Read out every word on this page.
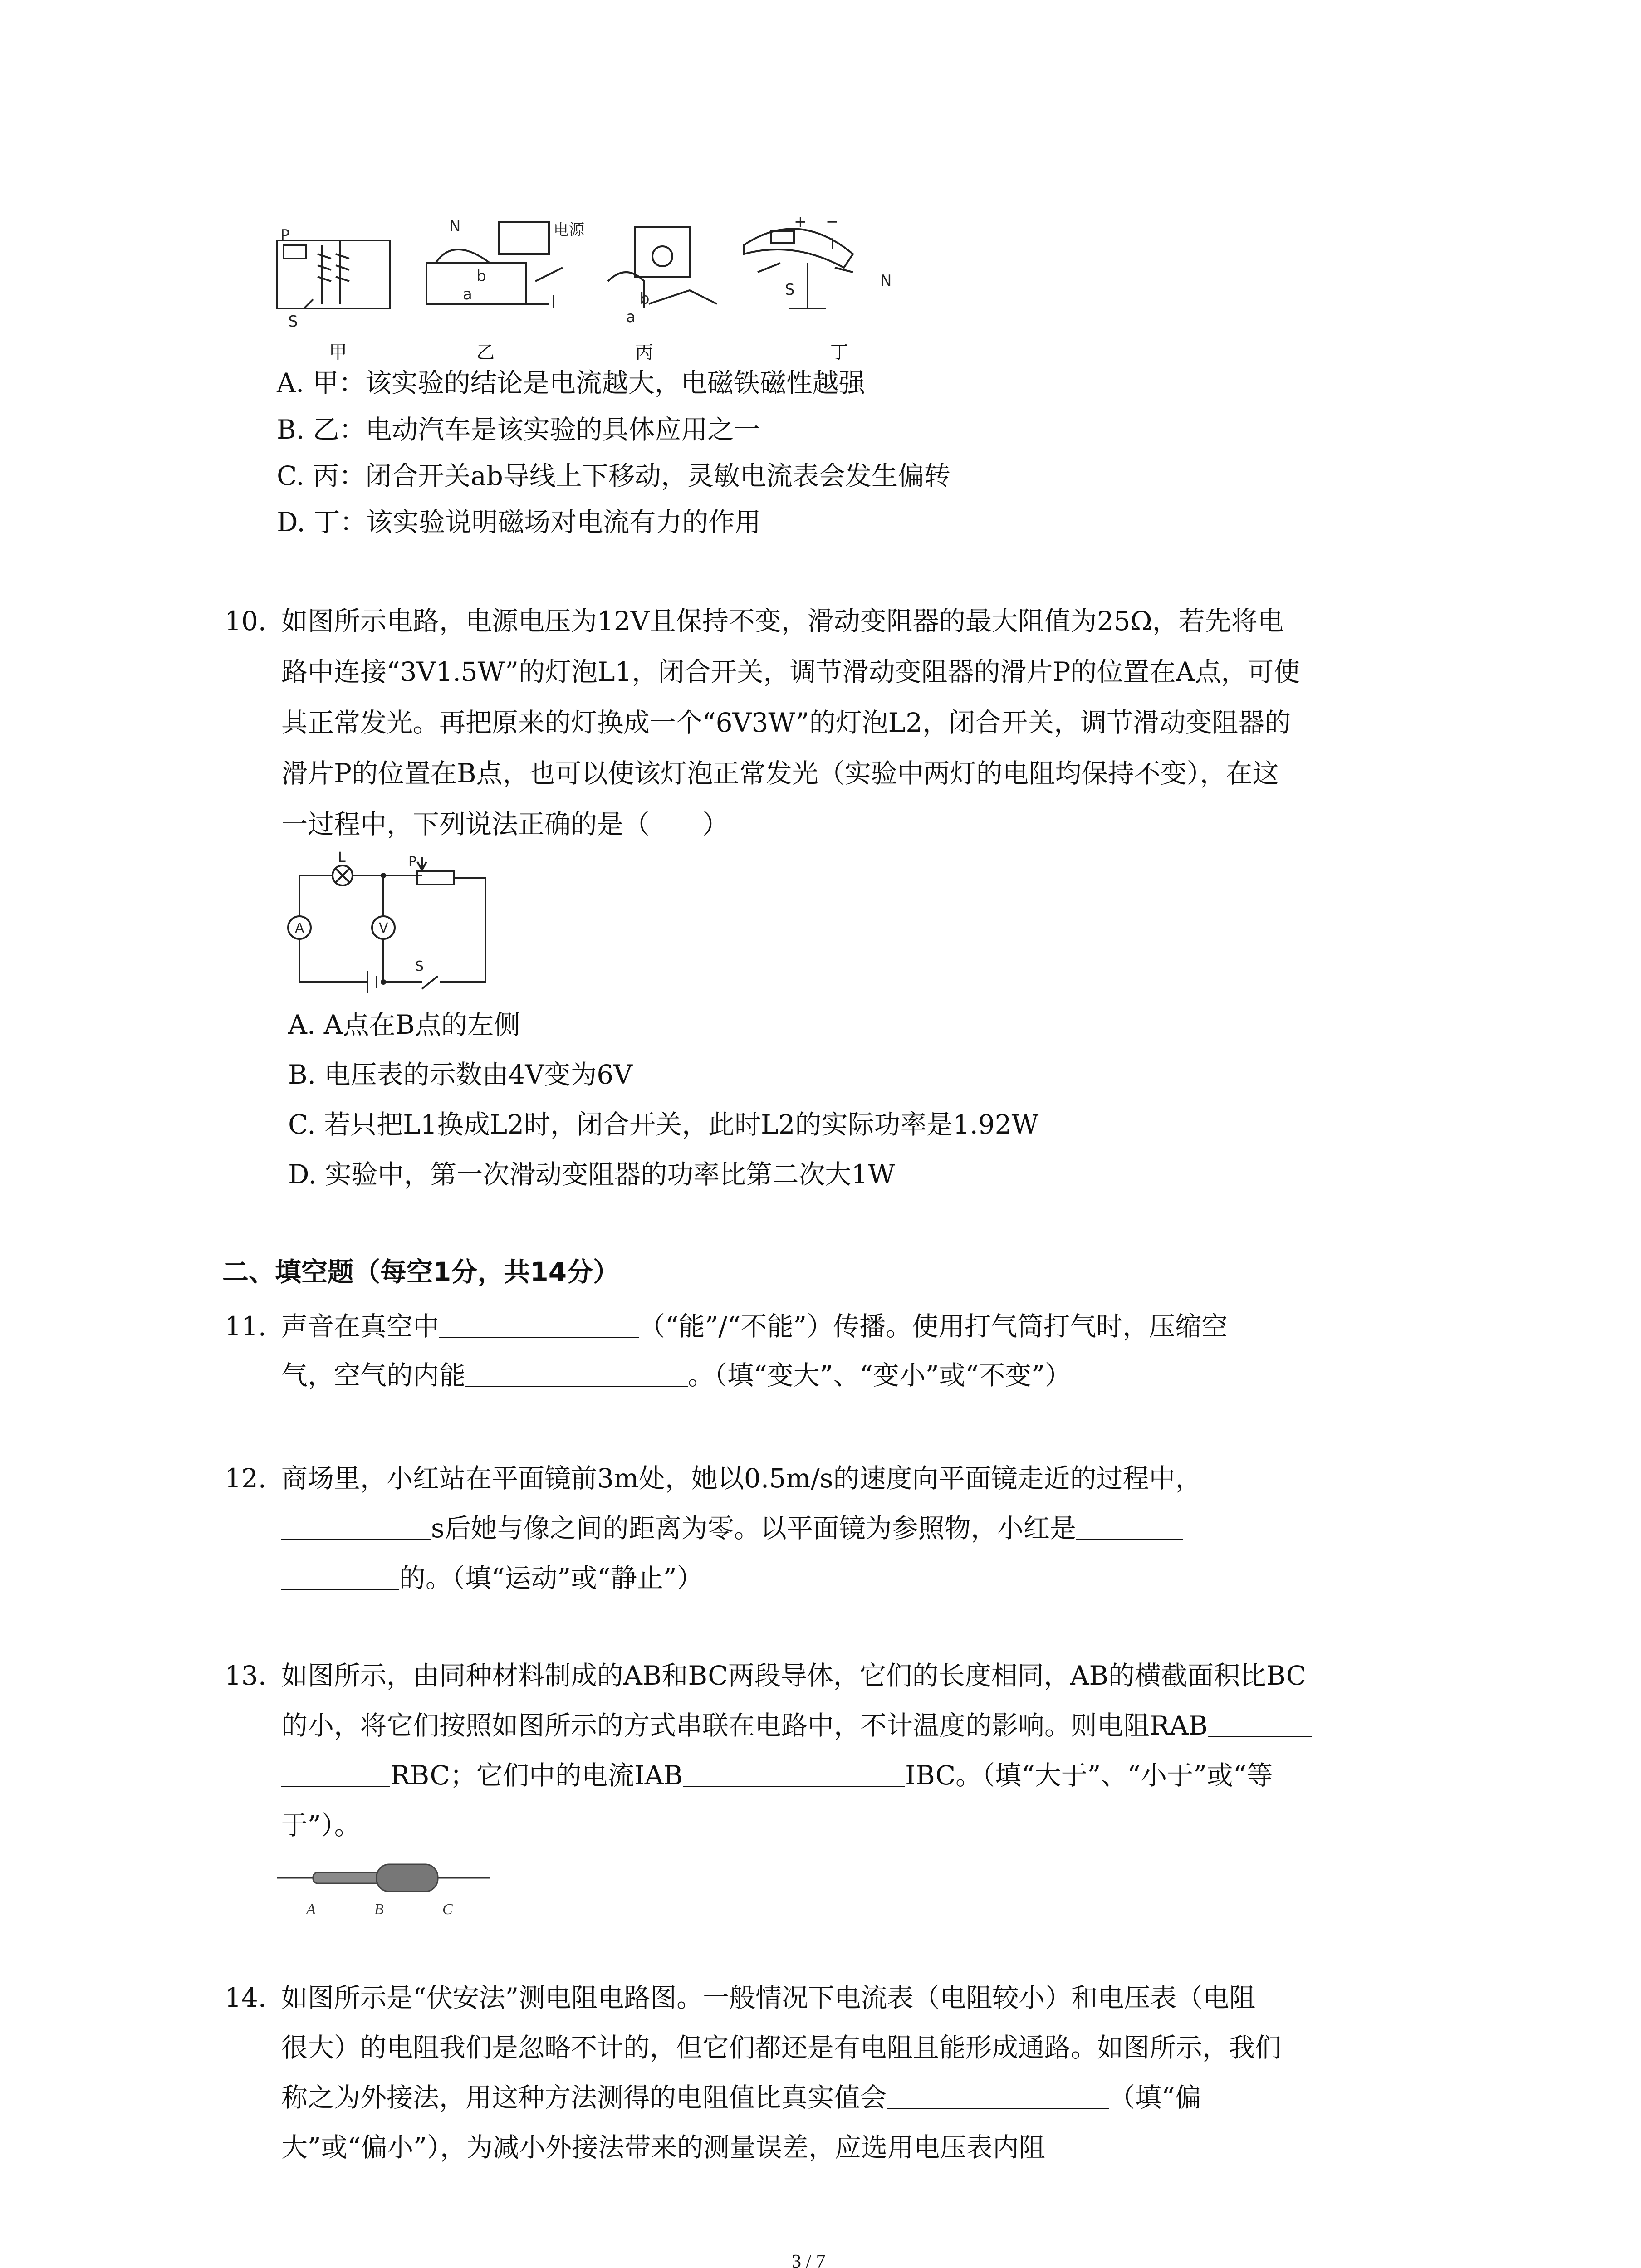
P
S
N	电源
a
b
a
b
+ −
I
S	N
甲	乙	丙	丁
A. 甲：该实验的结论是电流越大，电磁铁磁性越强
B. 乙：电动汽车是该实验的具体应用之一
C. 丙：闭合开关ab导线上下移动，灵敏电流表会发生偏转
D. 丁：该实验说明磁场对电流有力的作用
10. 如图所示电路，电源电压为12V且保持不变，滑动变阻器的最大阻值为25Ω，若先将电
路中连接“3V1.5W”的灯泡L1，闭合开关，调节滑动变阻器的滑片P的位置在A点，可使
其正常发光。再把原来的灯换成一个“6V3W”的灯泡L2，闭合开关，调节滑动变阻器的
滑片P的位置在B点，也可以使该灯泡正常发光（实验中两灯的电阻均保持不变），在这
一过程中，下列说法正确的是（　　）
L	P
A	V
S
A. A点在B点的左侧
B. 电压表的示数由4V变为6V
C. 若只把L1换成L2时，闭合开关，此时L2的实际功率是1.92W
D. 实验中，第一次滑动变阻器的功率比第二次大1W
二、填空题（每空1分，共14分）
11. 声音在真空中	（“能”/“不能”）传播。使用打气筒打气时，压缩空
气，空气的内能	。（填“变大”、“变小”或“不变”）
12. 商场里，小红站在平面镜前3m处，她以0.5m/s的速度向平面镜走近的过程中，
s后她与像之间的距离为零。以平面镜为参照物，小红是
的。（填“运动”或“静止”）
13. 如图所示，由同种材料制成的AB和BC两段导体，它们的长度相同，AB的横截面积比BC
的小，将它们按照如图所示的方式串联在电路中，不计温度的影响。则电阻RAB
RBC；它们中的电流IAB	IBC。（填“大于”、“小于”或“等
于”）。
A	B	C
14. 如图所示是“伏安法”测电阻电路图。一般情况下电流表（电阻较小）和电压表（电阻
很大）的电阻我们是忽略不计的，但它们都还是有电阻且能形成通路。如图所示，我们
称之为外接法，用这种方法测得的电阻值比真实值会	（填“偏
大”或“偏小”），为减小外接法带来的测量误差，应选用电压表内阻
3 / 7
